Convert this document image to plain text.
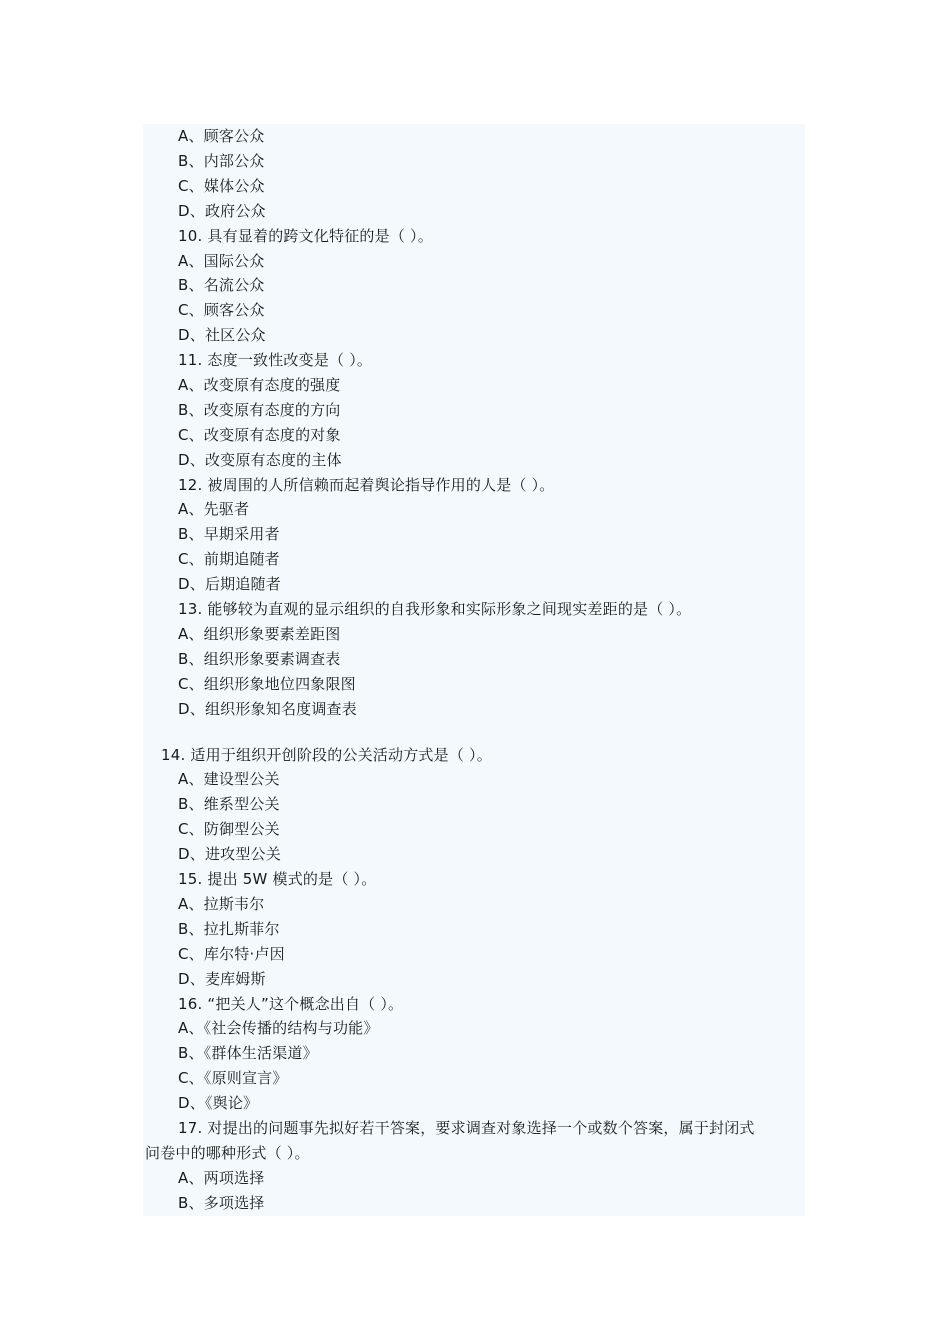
A、顾客公众
B、内部公众
C、媒体公众
D、政府公众
10. 具有显着的跨文化特征的是（ ）。
A、国际公众
B、名流公众
C、顾客公众
D、社区公众
11. 态度一致性改变是（ ）。
A、改变原有态度的强度
B、改变原有态度的方向
C、改变原有态度的对象
D、改变原有态度的主体
12. 被周围的人所信赖而起着舆论指导作用的人是（ ）。
A、先驱者
B、早期采用者
C、前期追随者
D、后期追随者
13. 能够较为直观的显示组织的自我形象和实际形象之间现实差距的是（ ）。
A、组织形象要素差距图
B、组织形象要素调查表
C、组织形象地位四象限图
D、组织形象知名度调查表
14. 适用于组织开创阶段的公关活动方式是（ ）。
A、建设型公关
B、维系型公关
C、防御型公关
D、进攻型公关
15. 提出 5W 模式的是（ ）。
A、拉斯韦尔
B、拉扎斯菲尔
C、库尔特·卢因
D、麦库姆斯
16. “把关人”这个概念出自（ ）。
A、《社会传播的结构与功能》
B、《群体生活渠道》
C、《原则宣言》
D、《舆论》
17. 对提出的问题事先拟好若干答案，要求调查对象选择一个或数个答案，属于封闭式
问卷中的哪种形式（ ）。
A、两项选择
B、多项选择
